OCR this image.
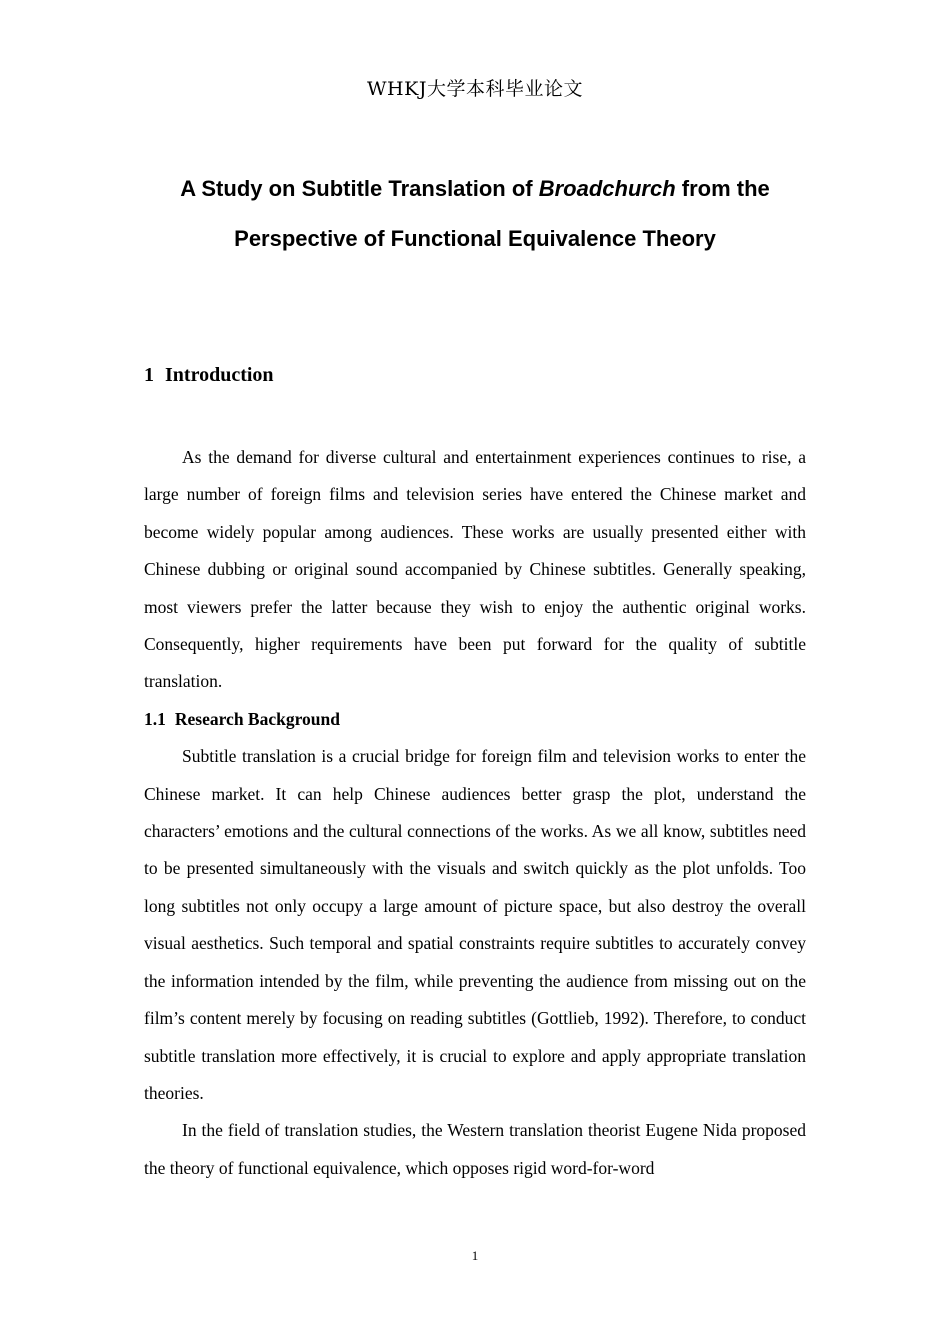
WHKJ大学本科毕业论文
A Study on Subtitle Translation of Broadchurch from the
Perspective of Functional Equivalence Theory
1 Introduction

As the demand for diverse cultural and entertainment experiences continues to rise, a large number of foreign films and television series have entered the Chinese market and become widely popular among audiences. These works are usually presented either with Chinese dubbing or original sound accompanied by Chinese subtitles. Generally speaking, most viewers prefer the latter because they wish to enjoy the authentic original works. Consequently, higher requirements have been put forward for the quality of subtitle translation.

1.1 Research Background

Subtitle translation is a crucial bridge for foreign film and television works to enter the Chinese market. It can help Chinese audiences better grasp the plot, understand the characters’ emotions and the cultural connections of the works. As we all know, subtitles need to be presented simultaneously with the visuals and switch quickly as the plot unfolds. Too long subtitles not only occupy a large amount of picture space, but also destroy the overall visual aesthetics. Such temporal and spatial constraints require subtitles to accurately convey the information intended by the film, while preventing the audience from missing out on the film’s content merely by focusing on reading subtitles (Gottlieb, 1992). Therefore, to conduct subtitle translation more effectively, it is crucial to explore and apply appropriate translation theories.

In the field of translation studies, the Western translation theorist Eugene Nida proposed the theory of functional equivalence, which opposes rigid word-for-word

1
